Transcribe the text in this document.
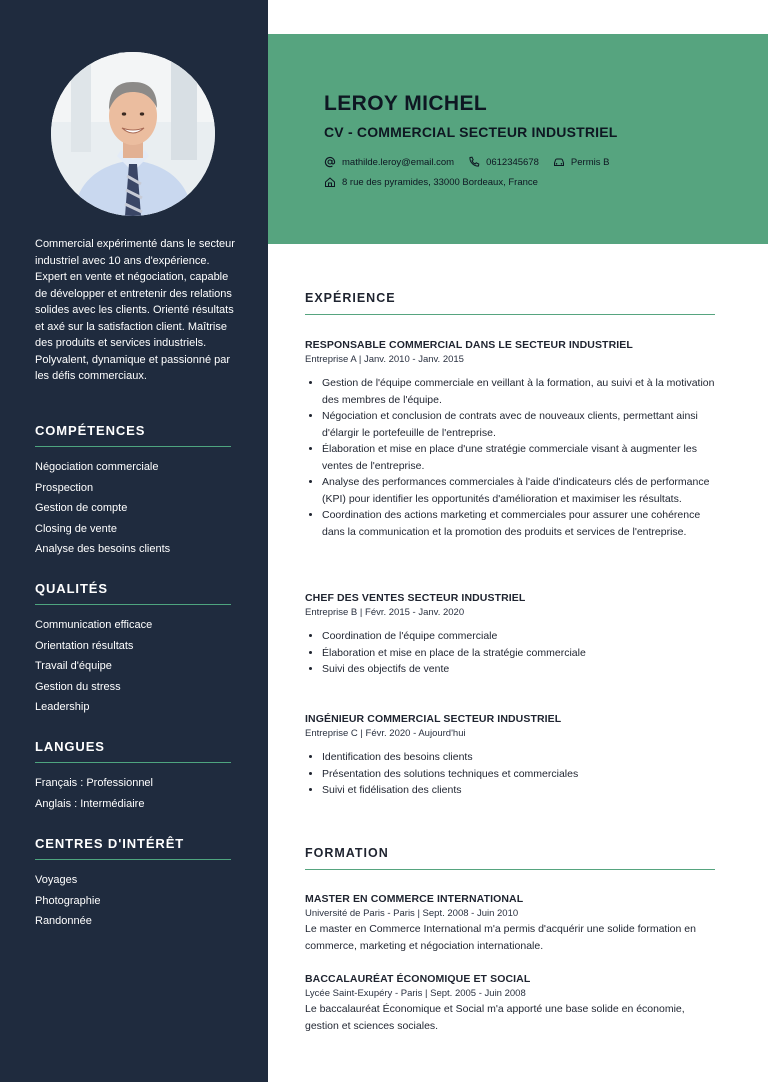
Commercial expérimenté dans le secteur industriel avec 10 ans d'expérience. Expert en vente et négociation, capable de développer et entretenir des relations solides avec les clients. Orienté résultats et axé sur la satisfaction client. Maîtrise des produits et services industriels. Polyvalent, dynamique et passionné par les défis commerciaux.

COMPÉTENCES
Négociation commerciale
Prospection
Gestion de compte
Closing de vente
Analyse des besoins clients
QUALITÉS
Communication efficace
Orientation résultats
Travail d'équipe
Gestion du stress
Leadership
LANGUES
Français : Professionnel
Anglais : Intermédiaire
CENTRES D'INTÉRÊT
Voyages
Photographie
Randonnée
LEROY MICHEL
CV - COMMERCIAL SECTEUR INDUSTRIEL
mathilde.leroy@email.com	0612345678	Permis B
8 rue des pyramides, 33000 Bordeaux, France
EXPÉRIENCE

RESPONSABLE COMMERCIAL DANS LE SECTEUR INDUSTRIEL

Entreprise A | Janv. 2010 - Janv. 2015

• Gestion de l'équipe commerciale en veillant à la formation, au suivi et à la motivation des membres de l'équipe.
• Négociation et conclusion de contrats avec de nouveaux clients, permettant ainsi d'élargir le portefeuille de l'entreprise.
• Élaboration et mise en place d'une stratégie commerciale visant à augmenter les ventes de l'entreprise.
• Analyse des performances commerciales à l'aide d'indicateurs clés de performance (KPI) pour identifier les opportunités d'amélioration et maximiser les résultats.
• Coordination des actions marketing et commerciales pour assurer une cohérence dans la communication et la promotion des produits et services de l'entreprise.

CHEF DES VENTES SECTEUR INDUSTRIEL

Entreprise B | Févr. 2015 - Janv. 2020

• Coordination de l'équipe commerciale
• Élaboration et mise en place de la stratégie commerciale
• Suivi des objectifs de vente

INGÉNIEUR COMMERCIAL SECTEUR INDUSTRIEL

Entreprise C | Févr. 2020 - Aujourd'hui

• Identification des besoins clients
• Présentation des solutions techniques et commerciales
• Suivi et fidélisation des clients
FORMATION

MASTER EN COMMERCE INTERNATIONAL

Université de Paris - Paris | Sept. 2008 - Juin 2010

Le master en Commerce International m'a permis d'acquérir une solide formation en commerce, marketing et négociation internationale.

BACCALAURÉAT ÉCONOMIQUE ET SOCIAL

Lycée Saint-Exupéry - Paris | Sept. 2005 - Juin 2008

Le baccalauréat Économique et Social m'a apporté une base solide en économie, gestion et sciences sociales.
